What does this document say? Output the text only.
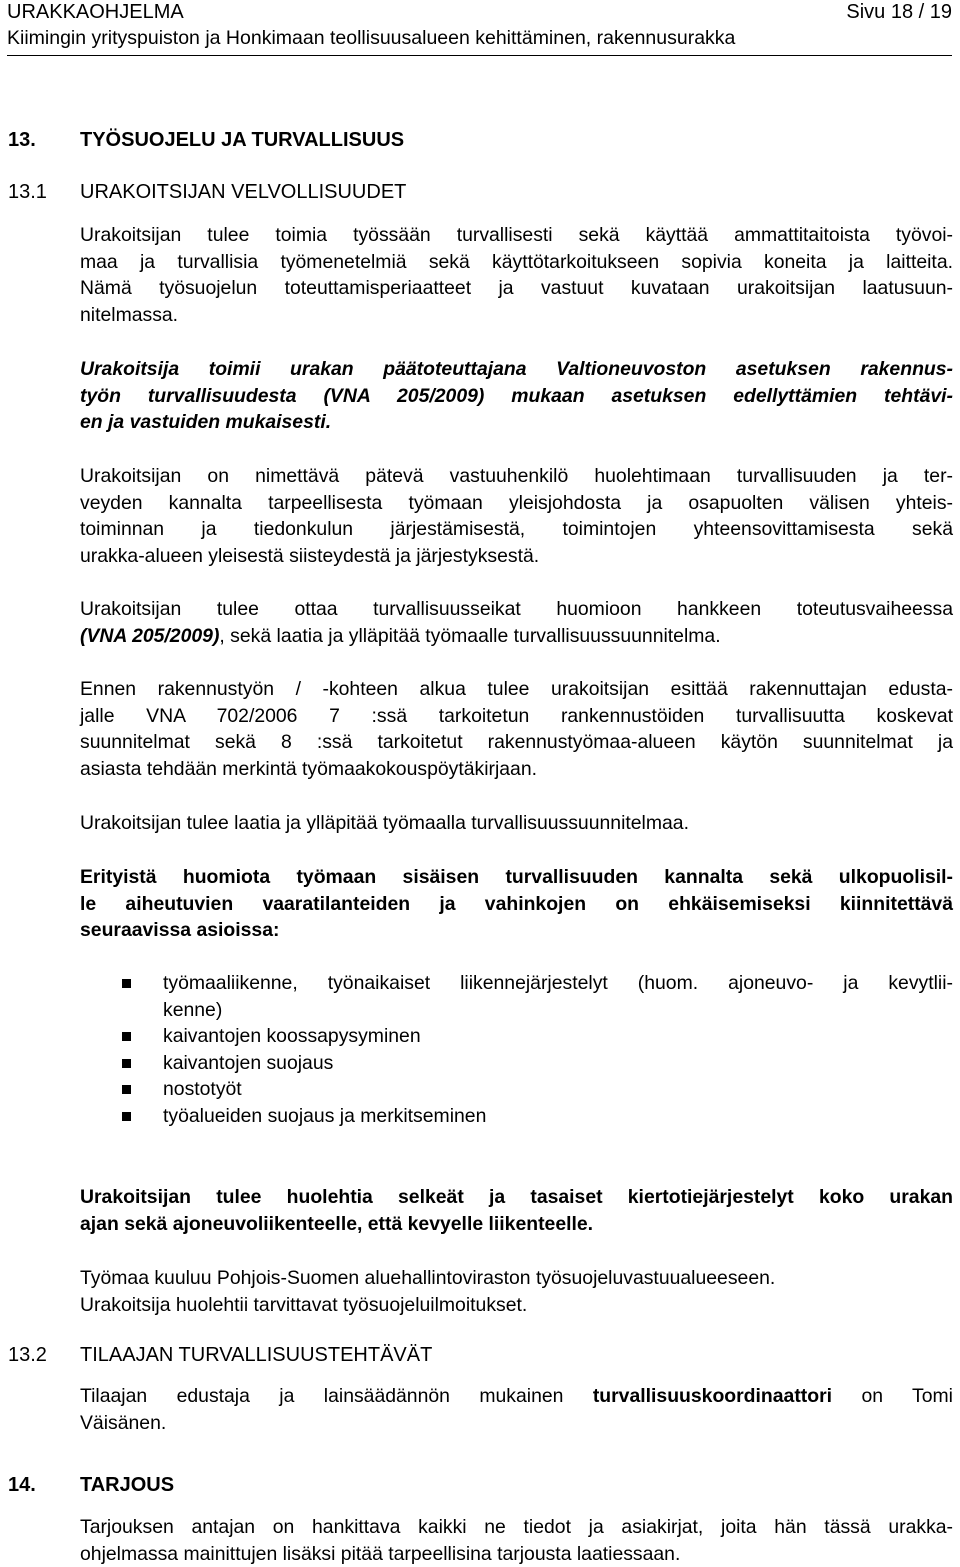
URAKKAOHJELMA	Sivu 18 / 19
Kiimingin yrityspuiston ja Honkimaan teollisuusalueen kehittäminen, rakennusurakka
13. TYÖSUOJELU JA TURVALLISUUS
13.1 URAKOITSIJAN VELVOLLISUUDET
Urakoitsijan tulee toimia työssään turvallisesti sekä käyttää ammattitaitoista työvoi-
maa ja turvallisia työmenetelmiä sekä käyttötarkoitukseen sopivia koneita ja laitteita.
Nämä työsuojelun toteuttamisperiaatteet ja vastuut kuvataan urakoitsijan laatusuun-
nitelmassa.
Urakoitsija toimii urakan päätoteuttajana Valtioneuvoston asetuksen rakennus-
työn turvallisuudesta (VNA 205/2009) mukaan asetuksen edellyttämien tehtävi-
en ja vastuiden mukaisesti.
Urakoitsijan on nimettävä pätevä vastuuhenkilö huolehtimaan turvallisuuden ja ter-
veyden kannalta tarpeellisesta työmaan yleisjohdosta ja osapuolten välisen yhteis-
toiminnan ja tiedonkulun järjestämisestä, toimintojen yhteensovittamisesta sekä
urakka-alueen yleisestä siisteydestä ja järjestyksestä.
Urakoitsijan tulee ottaa turvallisuusseikat huomioon hankkeen toteutusvaiheessa
(VNA 205/2009), sekä laatia ja ylläpitää työmaalle turvallisuussuunnitelma.
Ennen rakennustyön / -kohteen alkua tulee urakoitsijan esittää rakennuttajan edusta-
jalle VNA 702/2006 7 :ssä tarkoitetun rankennustöiden turvallisuutta koskevat
suunnitelmat sekä 8 :ssä tarkoitetut rakennustyömaa-alueen käytön suunnitelmat ja
asiasta tehdään merkintä työmaakokouspöytäkirjaan.
Urakoitsijan tulee laatia ja ylläpitää työmaalla turvallisuussuunnitelmaa.
Erityistä huomiota työmaan sisäisen turvallisuuden kannalta sekä ulkopuolisil-
le aiheutuvien vaaratilanteiden ja vahinkojen on ehkäisemiseksi kiinnitettävä
seuraavissa asioissa:
työmaaliikenne, työnaikaiset liikennejärjestelyt (huom. ajoneuvo- ja kevytlii-
kenne)
kaivantojen koossapysyminen
kaivantojen suojaus
nostotyöt
työalueiden suojaus ja merkitseminen
Urakoitsijan tulee huolehtia selkeät ja tasaiset kiertotiejärjestelyt koko urakan
ajan sekä ajoneuvoliikenteelle, että kevyelle liikenteelle.
Työmaa kuuluu Pohjois-Suomen aluehallintoviraston työsuojeluvastuualueeseen.
Urakoitsija huolehtii tarvittavat työsuojeluilmoitukset.
13.2 TILAAJAN TURVALLISUUSTEHTÄVÄT
Tilaajan edustaja ja lainsäädännön mukainen turvallisuuskoordinaattori on Tomi
Väisänen.
14. TARJOUS
Tarjouksen antajan on hankittava kaikki ne tiedot ja asiakirjat, joita hän tässä urakka-
ohjelmassa mainittujen lisäksi pitää tarpeellisina tarjousta laatiessaan.
